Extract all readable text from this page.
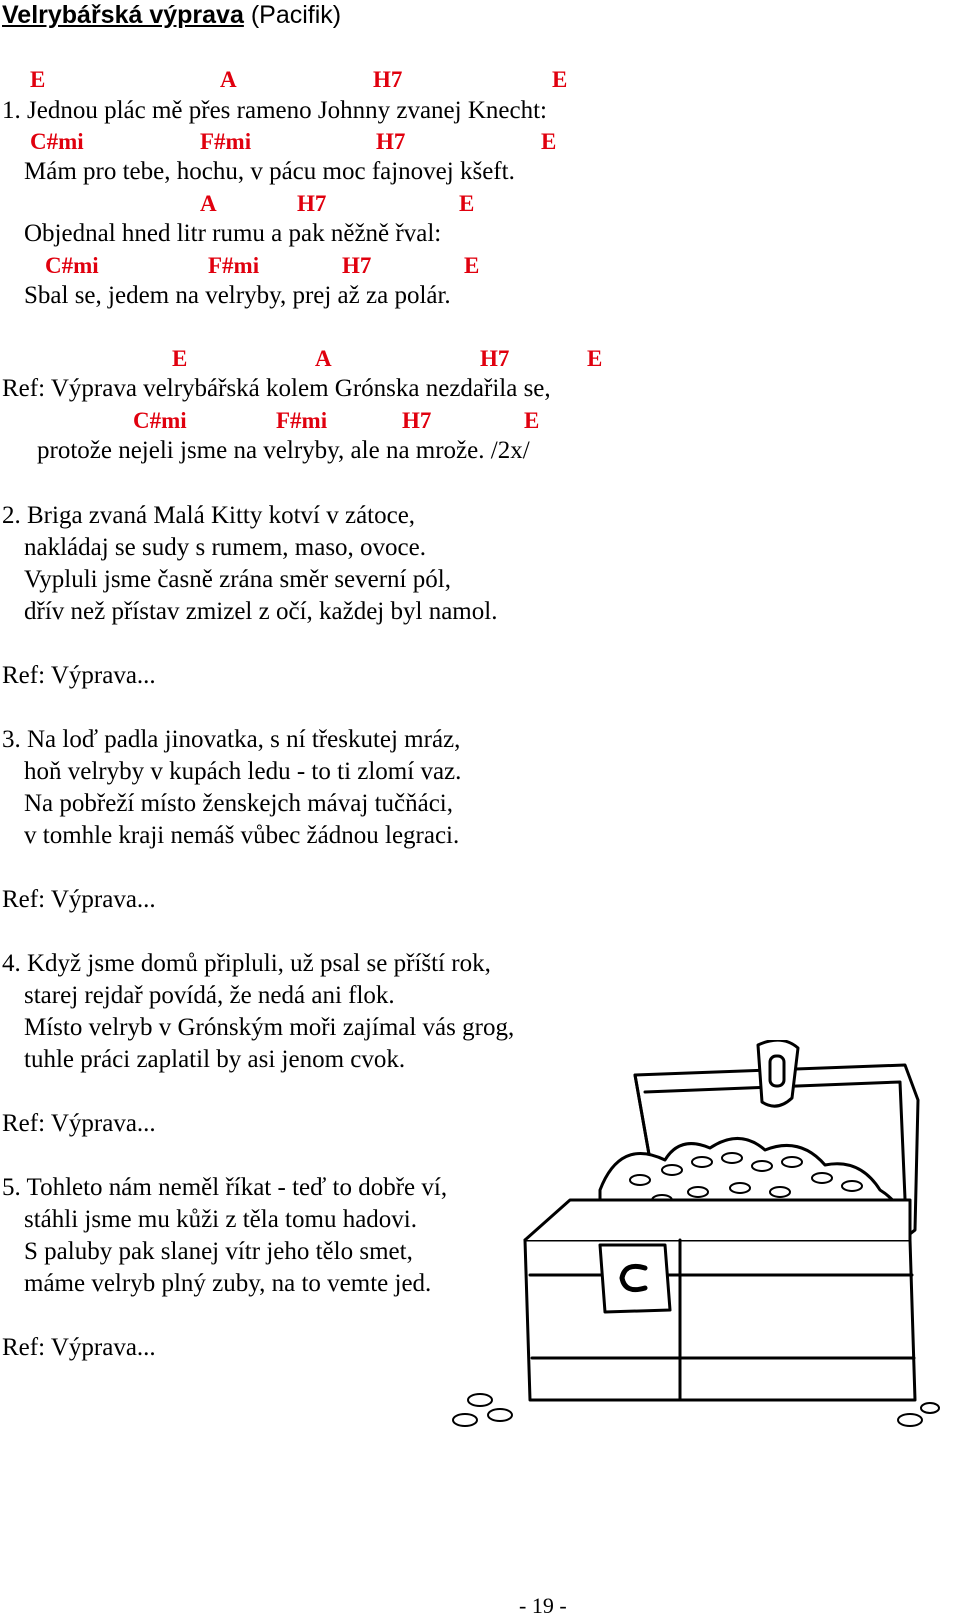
Velrybářská výprava (Pacifik)
E	A	H7	E
1. Jednou plác mě přes rameno Johnny zvanej Knecht:
C#mi	F#mi	H7	E
Mám pro tebe, hochu, v pácu moc fajnovej kšeft.
A	H7	E
Objednal hned litr rumu a pak něžně řval:
C#mi	F#mi	H7	E
Sbal se, jedem na velryby, prej až za polár.
E	A	H7	E
Ref: Výprava velrybářská kolem Grónska nezdařila se,
C#mi	F#mi	H7	E
protože nejeli jsme na velryby, ale na mrože. /2x/
2. Briga zvaná Malá Kitty kotví v zátoce,
nakládaj se sudy s rumem, maso, ovoce.
Vypluli jsme časně zrána směr severní pól,
dřív než přístav zmizel z očí, každej byl namol.
Ref: Výprava...
3. Na loď padla jinovatka, s ní třeskutej mráz,
hoň velryby v kupách ledu - to ti zlomí vaz.
Na pobřeží místo ženskejch mávaj tučňáci,
v tomhle kraji nemáš vůbec žádnou legraci.
Ref: Výprava...
4. Když jsme domů připluli, už psal se příští rok,
starej rejdař povídá, že nedá ani flok.
Místo velryb v Grónským moři zajímal vás grog,
tuhle práci zaplatil by asi jenom cvok.
Ref: Výprava...
5. Tohleto nám neměl říkat - teď to dobře ví,
stáhli jsme mu kůži z těla tomu hadovi.
S paluby pak slanej vítr jeho tělo smet,
máme velryb plný zuby, na to vemte jed.
Ref: Výprava...
- 19 -
